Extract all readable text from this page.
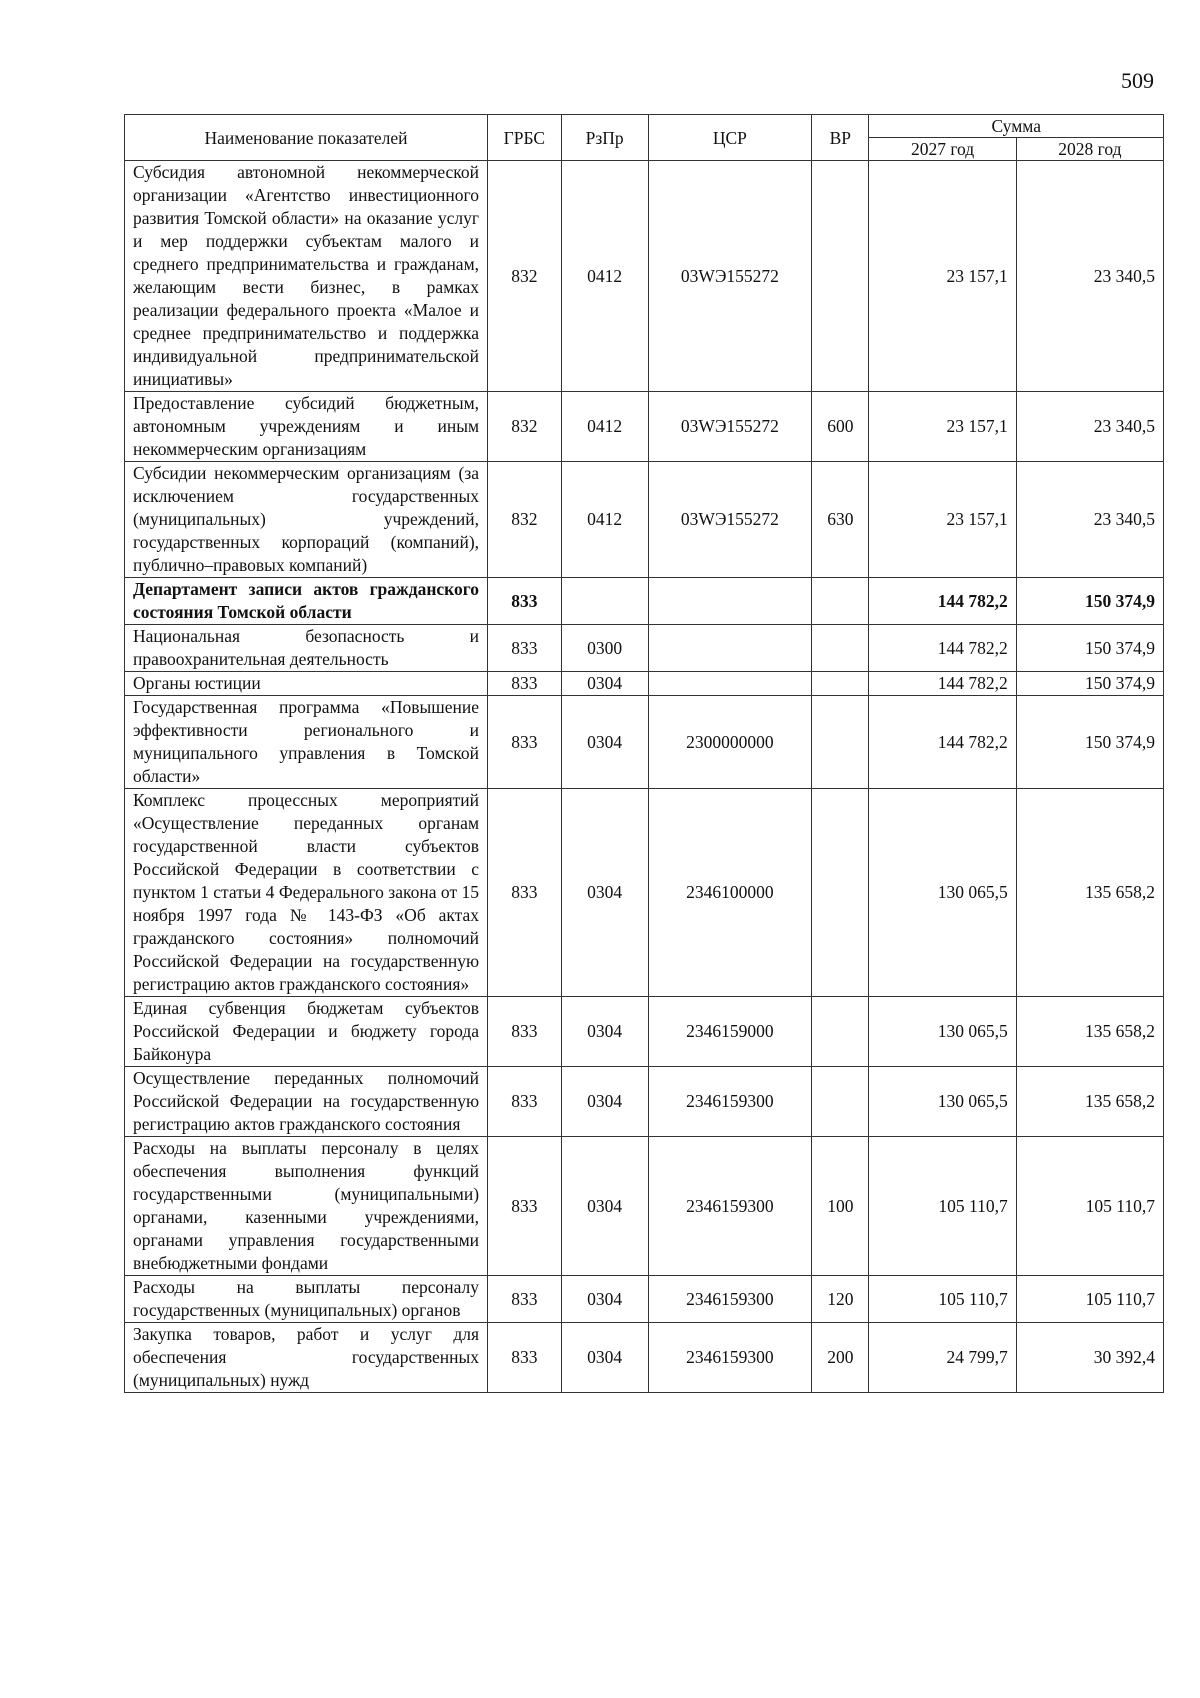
509
Наименование показателей	ГРБС	РзПр	ЦСР	ВР	Сумма	
					2027 год	2028 год
Субсидия автономной некоммерческой организации «Агентство инвестиционного развития Томской области» на оказание услуг и мер поддержки субъектам малого и среднего предпринимательства и гражданам, желающим вести бизнес, в рамках реализации федерального проекта «Малое и среднее предпринимательство и поддержка индивидуальной предпринимательской инициативы»	832	0412	03WЭ155272		23 157,1	23 340,5
Предоставление субсидий бюджетным, автономным учреждениям и иным некоммерческим организациям	832	0412	03WЭ155272	600	23 157,1	23 340,5
Субсидии некоммерческим организациям (за исключением государственных (муниципальных) учреждений, государственных корпораций (компаний), публично–правовых компаний)	832	0412	03WЭ155272	630	23 157,1	23 340,5
Департамент записи актов гражданского состояния Томской области	833				144 782,2	150 374,9
Национальная безопасность и правоохранительная деятельность	833	0300			144 782,2	150 374,9
Органы юстиции	833	0304			144 782,2	150 374,9
Государственная программа «Повышение эффективности регионального и муниципального управления в Томской области»	833	0304	2300000000		144 782,2	150 374,9
Комплекс процессных мероприятий «Осуществление переданных органам государственной власти субъектов Российской Федерации в соответствии с пунктом 1 статьи 4 Федерального закона от 15 ноября 1997 года № 143-ФЗ «Об актах гражданского состояния» полномочий Российской Федерации на государственную регистрацию актов гражданского состояния»	833	0304	2346100000		130 065,5	135 658,2
Единая субвенция бюджетам субъектов Российской Федерации и бюджету города Байконура	833	0304	2346159000		130 065,5	135 658,2
Осуществление переданных полномочий Российской Федерации на государственную регистрацию актов гражданского состояния	833	0304	2346159300		130 065,5	135 658,2
Расходы на выплаты персоналу в целях обеспечения выполнения функций государственными (муниципальными) органами, казенными учреждениями, органами управления государственными внебюджетными фондами	833	0304	2346159300	100	105 110,7	105 110,7
Расходы на выплаты персоналу государственных (муниципальных) органов	833	0304	2346159300	120	105 110,7	105 110,7
Закупка товаров, работ и услуг для обеспечения государственных (муниципальных) нужд	833	0304	2346159300	200	24 799,7	30 392,4
